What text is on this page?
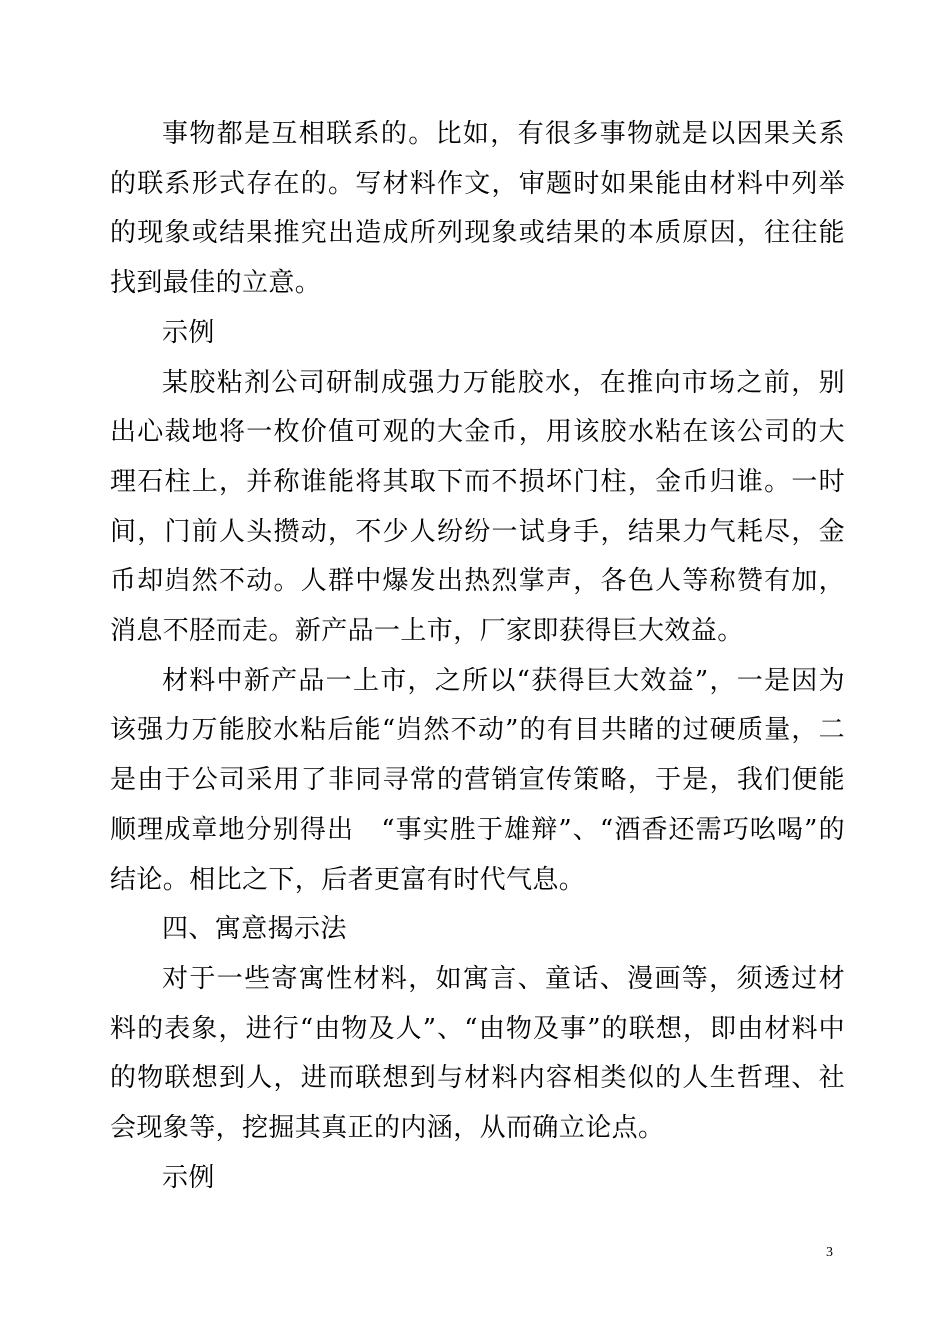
事物都是互相联系的。比如，有很多事物就是以因果关系的联系形式存在的。写材料作文，审题时如果能由材料中列举的现象或结果推究出造成所列现象或结果的本质原因，往往能找到最佳的立意。

示例

某胶粘剂公司研制成强力万能胶水，在推向市场之前，别出心裁地将一枚价值可观的大金币，用该胶水粘在该公司的大理石柱上，并称谁能将其取下而不损坏门柱，金币归谁。一时间，门前人头攒动，不少人纷纷一试身手，结果力气耗尽，金币却岿然不动。人群中爆发出热烈掌声，各色人等称赞有加，消息不胫而走。新产品一上市，厂家即获得巨大效益。

材料中新产品一上市，之所以“获得巨大效益”，一是因为该强力万能胶水粘后能“岿然不动”的有目共睹的过硬质量，二是由于公司采用了非同寻常的营销宣传策略，于是，我们便能顺理成章地分别得出　“事实胜于雄辩”、“酒香还需巧吆喝”的结论。相比之下，后者更富有时代气息。

四、寓意揭示法

对于一些寄寓性材料，如寓言、童话、漫画等，须透过材料的表象，进行“由物及人”、“由物及事”的联想，即由材料中的物联想到人，进而联想到与材料内容相类似的人生哲理、社会现象等，挖掘其真正的内涵，从而确立论点。

示例

3
